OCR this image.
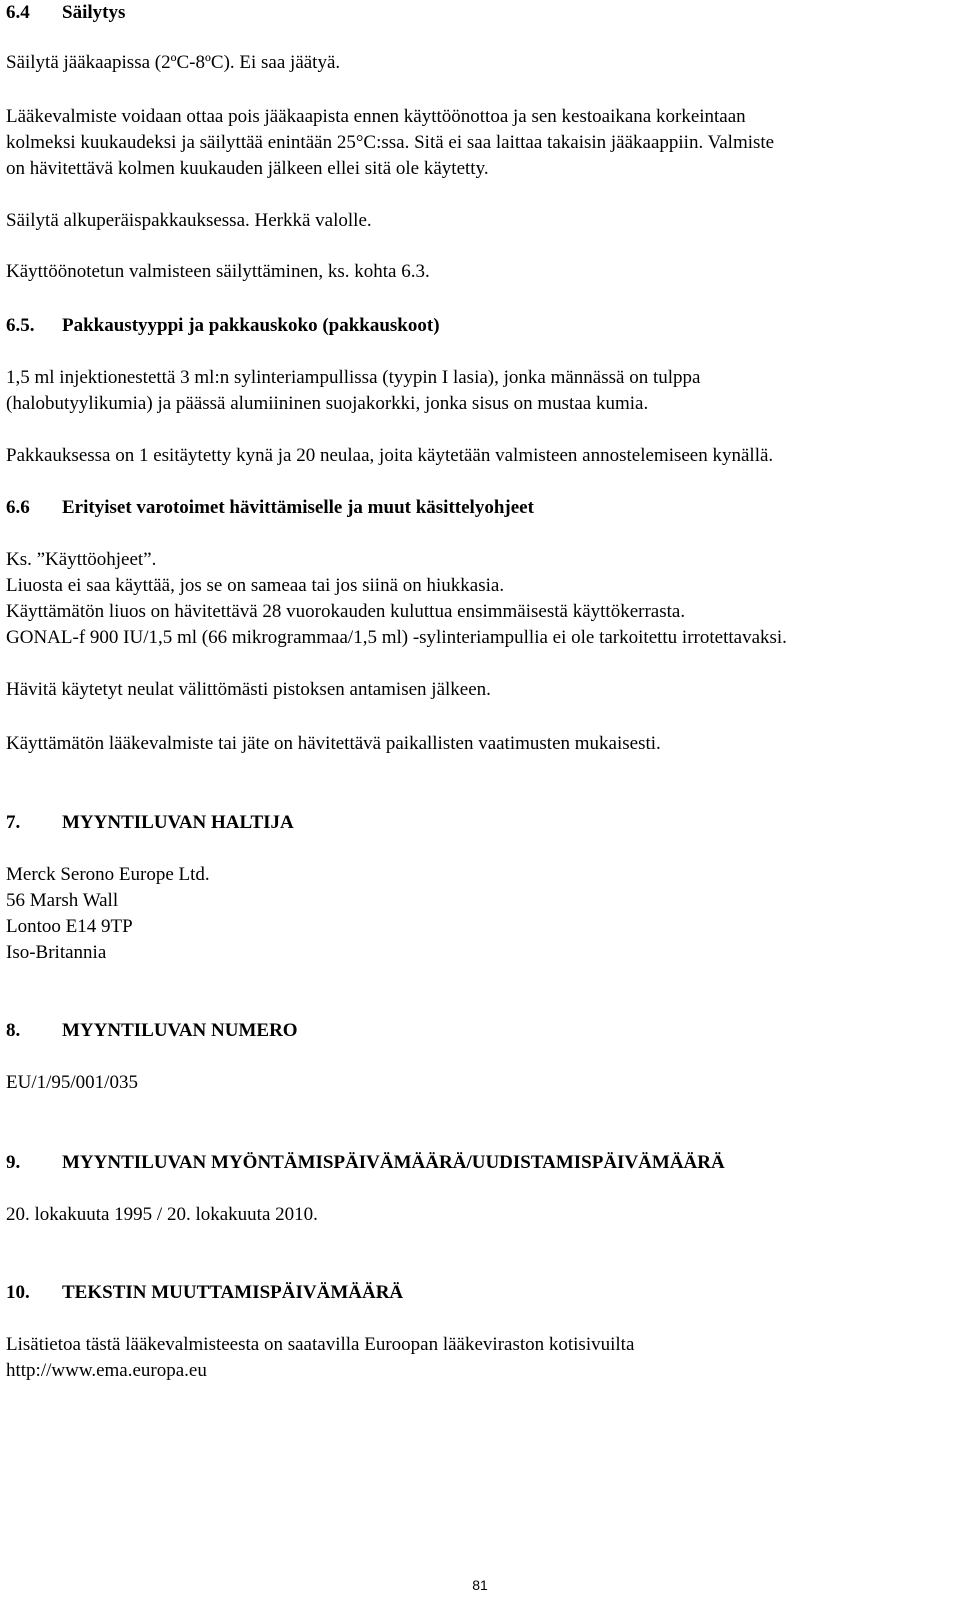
6.4 Säilytys
Säilytä jääkaapissa (2ºC-8ºC). Ei saa jäätyä.
Lääkevalmiste voidaan ottaa pois jääkaapista ennen käyttöönottoa ja sen kestoaikana korkeintaan
kolmeksi kuukaudeksi ja säilyttää enintään 25°C:ssa. Sitä ei saa laittaa takaisin jääkaappiin. Valmiste
on hävitettävä kolmen kuukauden jälkeen ellei sitä ole käytetty.
Säilytä alkuperäispakkauksessa. Herkkä valolle.
Käyttöönotetun valmisteen säilyttäminen, ks. kohta 6.3.
6.5. Pakkaustyyppi ja pakkauskoko (pakkauskoot)
1,5 ml injektionestettä 3 ml:n sylinteriampullissa (tyypin I lasia), jonka männässä on tulppa
(halobutyylikumia) ja päässä alumiininen suojakorkki, jonka sisus on mustaa kumia.
Pakkauksessa on 1 esitäytetty kynä ja 20 neulaa, joita käytetään valmisteen annostelemiseen kynällä.
6.6 Erityiset varotoimet hävittämiselle ja muut käsittelyohjeet
Ks. ”Käyttöohjeet”.
Liuosta ei saa käyttää, jos se on sameaa tai jos siinä on hiukkasia.
Käyttämätön liuos on hävitettävä 28 vuorokauden kuluttua ensimmäisestä käyttökerrasta.
GONAL-f 900 IU/1,5 ml (66 mikrogrammaa/1,5 ml) -sylinteriampullia ei ole tarkoitettu irrotettavaksi.
Hävitä käytetyt neulat välittömästi pistoksen antamisen jälkeen.
Käyttämätön lääkevalmiste tai jäte on hävitettävä paikallisten vaatimusten mukaisesti.
7. MYYNTILUVAN HALTIJA
Merck Serono Europe Ltd.
56 Marsh Wall
Lontoo E14 9TP
Iso-Britannia
8. MYYNTILUVAN NUMERO
EU/1/95/001/035
9. MYYNTILUVAN MYÖNTÄMISPÄIVÄMÄÄRÄ/UUDISTAMISPÄIVÄMÄÄRÄ
20. lokakuuta 1995 / 20. lokakuuta 2010.
10. TEKSTIN MUUTTAMISPÄIVÄMÄÄRÄ
Lisätietoa tästä lääkevalmisteesta on saatavilla Euroopan lääkeviraston kotisivuilta
http://www.ema.europa.eu
81
